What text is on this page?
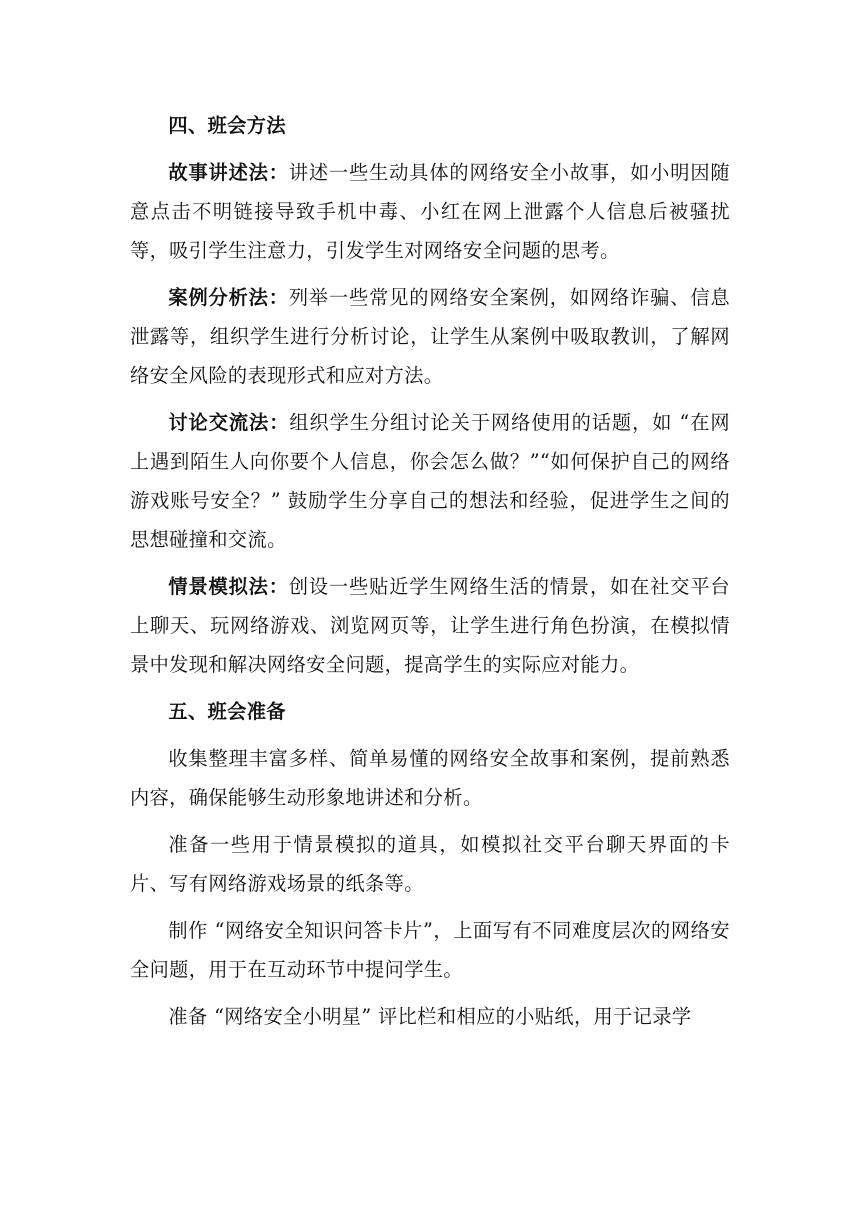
四、班会方法

故事讲述法：讲述一些生动具体的网络安全小故事，如小明因随意点击不明链接导致手机中毒、小红在网上泄露个人信息后被骚扰等，吸引学生注意力，引发学生对网络安全问题的思考。

案例分析法：列举一些常见的网络安全案例，如网络诈骗、信息泄露等，组织学生进行分析讨论，让学生从案例中吸取教训，了解网络安全风险的表现形式和应对方法。

讨论交流法：组织学生分组讨论关于网络使用的话题，如 “在网上遇到陌生人向你要个人信息，你会怎么做？”“如何保护自己的网络游戏账号安全？” 鼓励学生分享自己的想法和经验，促进学生之间的思想碰撞和交流。

情景模拟法：创设一些贴近学生网络生活的情景，如在社交平台上聊天、玩网络游戏、浏览网页等，让学生进行角色扮演，在模拟情景中发现和解决网络安全问题，提高学生的实际应对能力。

五、班会准备

收集整理丰富多样、简单易懂的网络安全故事和案例，提前熟悉内容，确保能够生动形象地讲述和分析。

准备一些用于情景模拟的道具，如模拟社交平台聊天界面的卡片、写有网络游戏场景的纸条等。

制作 “网络安全知识问答卡片”，上面写有不同难度层次的网络安全问题，用于在互动环节中提问学生。

准备 “网络安全小明星” 评比栏和相应的小贴纸，用于记录学
